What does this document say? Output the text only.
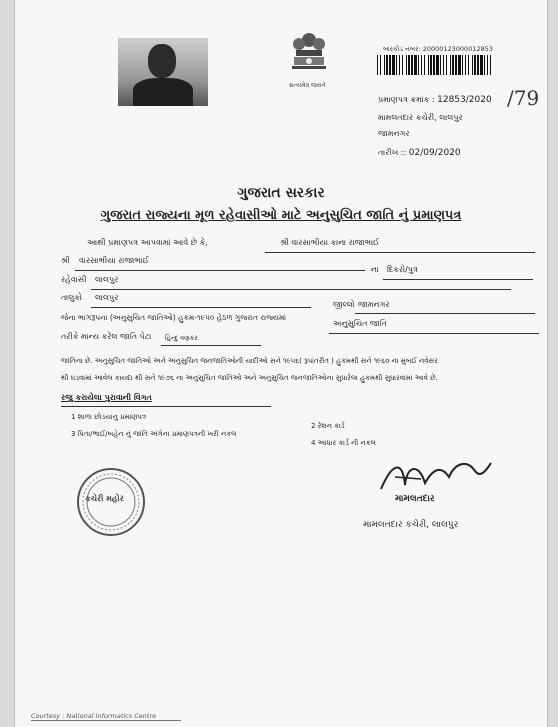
સત્યમેવ જયતે
બારકોડ નંબર: 20000123000012853
પ્રમાણપત્ર ક્રમાંક : 12853/2020 /79
મામલતદાર કચેરી, લાલપુર
જામનગર
તારીખ :: 02/09/2020
ગુજરાત સરકાર
ગુજરાત રાજ્યના મૂળ રહેવાસીઓ માટે અનુસુચિત જાતિ નું પ્રમાણપત્ર
આથી પ્રમાણપત્ર આપવામાં આવે છે કે,	શ્રી વારસાભીયા કાના રાજાભાઈ
શ્રી વારસાભીયા રાજાભાઈ
ના દિકરો/પુત્ર
રહેવાસી લાલપુર
તાલુકો લાલપુર
જીલ્લો જામનગર
જેના ભાગરૂપના (અનુસુચિત જાતિઓ) હુકમ-૧૯૫૦ હેઠળ ગુજરાત રાજ્યમાં
અનુસુચિત જાતિ
તરીકે માન્ય કરેલ જાતિ પેટા હિન્દુ વણકર
જાતિના છે. અનુસુચિત જાતિઓ અને અનુસુચિત જનજાતિઓની યાદીઓ સને ૧૯૫૬( રૂપાંતરીત ) હુકમથી સને ૧૯૬૦ ના મુંબઈ નવેસર
થી ઘડવામાં આવેલ કાયદા થી સને ૧૯૭૬ ના અનુસુચિત જાતિઓ અને અનુસુચિત જનજાતિઓના સુધારેલા હુકમથી સુધારવામાં આવે છે.
રજુ કરાયેલા પુરાવાની વિગત
1 શાળા છોડયાનુ પ્રમાણપત્ર
2 રેશન કાર્ડ
3 પિતા/ભાઈ/બહેન નું જાતિ અંગેના પ્રમાણપત્રની ખરી નકલ
4 આધાર કાર્ડ ની નકલ
કચેરી મહોર	મામલતદાર
મામલતદાર કચેરી, લાલપુર
Courtesy : National Informatics Centre
